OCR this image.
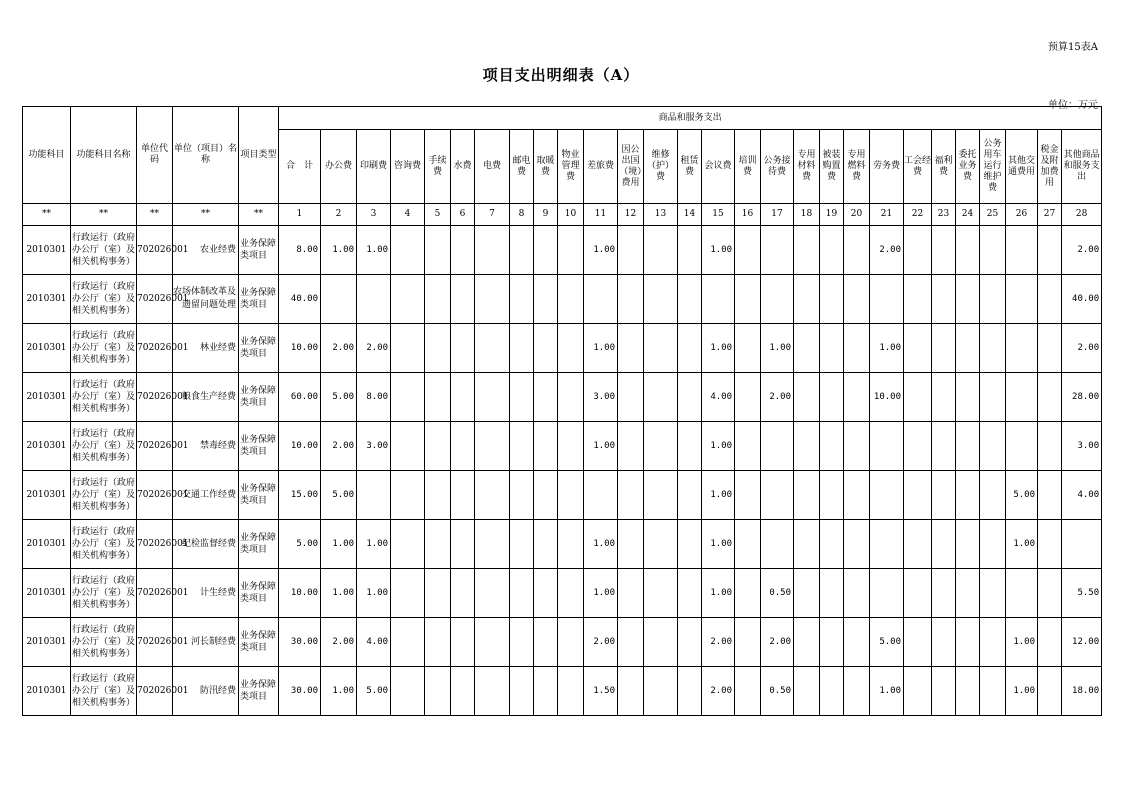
预算15表A
项目支出明细表（A）
单位：万元
功能科目	功能科目名称	单位代码	单位（项目）名称	项目类型	商品和服务支出																											
					合　计	办公费	印刷费	咨询费	手续费	水费	电费	邮电费	取暖费	物业管理费	差旅费	因公出国（境）费用	维修（护）费	租赁费	会议费	培训费	公务接待费	专用材料费	被装购置费	专用燃料费	劳务费	工会经费	福利费	委托业务费	公务用车运行维护费	其他交通费用	税金及附加费用	其他商品和服务支出
**	**	**	**	**	1	2	3	4	5	6	7	8	9	10	11	12	13	14	15	16	17	18	19	20	21	22	23	24	25	26	27	28
2010301	行政运行（政府办公厅（室）及相关机构事务）	702026001	农业经费	业务保障类项目	8.00	1.00	1.00								1.00				1.00						2.00							2.00
2010301	行政运行（政府办公厅（室）及相关机构事务）	702026001	农场体制改革及遗留问题处理	业务保障类项目	40.00																											40.00
2010301	行政运行（政府办公厅（室）及相关机构事务）	702026001	林业经费	业务保障类项目	10.00	2.00	2.00								1.00				1.00		1.00				1.00							2.00
2010301	行政运行（政府办公厅（室）及相关机构事务）	702026001	粮食生产经费	业务保障类项目	60.00	5.00	8.00								3.00				4.00		2.00				10.00							28.00
2010301	行政运行（政府办公厅（室）及相关机构事务）	702026001	禁毒经费	业务保障类项目	10.00	2.00	3.00								1.00				1.00													3.00
2010301	行政运行（政府办公厅（室）及相关机构事务）	702026001	交通工作经费	业务保障类项目	15.00	5.00													1.00											5.00		4.00
2010301	行政运行（政府办公厅（室）及相关机构事务）	702026001	纪检监督经费	业务保障类项目	5.00	1.00	1.00								1.00				1.00											1.00		
2010301	行政运行（政府办公厅（室）及相关机构事务）	702026001	计生经费	业务保障类项目	10.00	1.00	1.00								1.00				1.00		0.50											5.50
2010301	行政运行（政府办公厅（室）及相关机构事务）	702026001	河长制经费	业务保障类项目	30.00	2.00	4.00								2.00				2.00		2.00				5.00					1.00		12.00
2010301	行政运行（政府办公厅（室）及相关机构事务）	702026001	防汛经费	业务保障类项目	30.00	1.00	5.00								1.50				2.00		0.50				1.00					1.00		18.00
